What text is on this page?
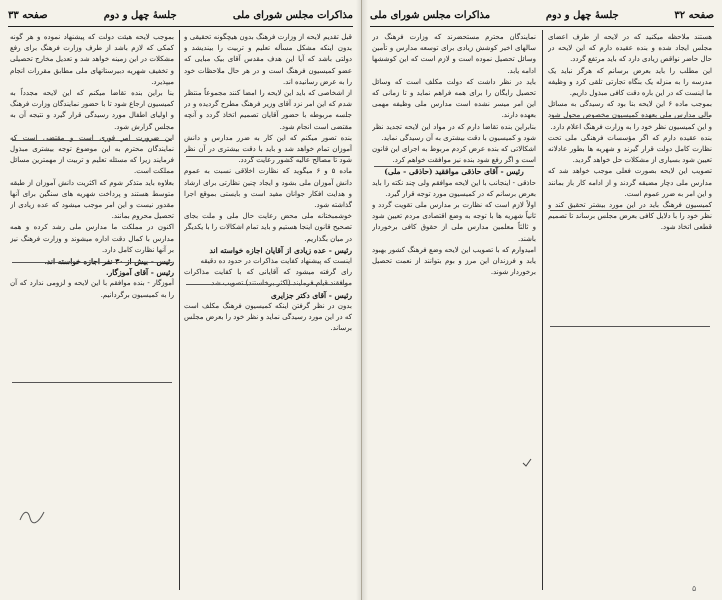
مذاکرات مجلس شورای ملی
جلسهٔ چهل و دوم
صفحه ۳۳

قبل تقدیم لایحه از وزارت فرهنگ بدون هیچگونه تحقیقی و بدون اینکه مشکل مسأله تعلیم و تربیت را بیندیشد و دولتی باشد که آیا این هدف مقدس آقای بیک مبایی که عضو کمیسیون فرهنگ است و در هر حال ملاحظات خود را به عرض رسانیده اند.

از اشخاصی که باید این لایحه را امضا کنند مجموعاً منتظر شدم که این امر نزد آقای وزیر فرهنگ مطرح گردیده و در جلسه مربوطه با حضور آقایان تصمیم اتخاذ گردد و آنچه مقتضی است انجام شود.

بنده تصور میکنم که این کار به ضرر مدارس و دانش آموزان تمام خواهد شد و باید با دقت بیشتری در آن نظر شود تا مصالح عالیه کشور رعایت گردد.

ماده ۵ و ۶ میگوید که نظارت اخلاقی نسبت به عموم دانش آموزان ملی بشود و ایجاد چنین نظارتی برای ارشاد و هدایت افکار جوانان مفید است و بایستی بموقع اجرا گذاشته شود.

خوشمبختانه ملی محض رعایت حال ملی و ملت بجای تصحیح قانون اینجا هستیم و باید تمام اشکالات را با یکدیگر در میان بگذاریم.

رئیس - عده زیادی از آقایان اجازه خواسته اند

اینست که پیشنهاد کفایت مذاکرات در حدود ده دقیقه

رای گرفته میشود که آقایانی که با کفایت مذاکرات موافقند قیام فرمایند (اکثر برخاستند) تصویب شد.

رئیس - آقای دکتر جزایری

بدون در نظر گرفتن اینکه کمیسیون فرهنگ مکلف است که در این مورد رسیدگی نماید و نظر خود را بعرض مجلس برساند.

بموجب لایحه هیئت دولت که پیشنهاد نموده و هر گونه کمکی که لازم باشد از طرف وزارت فرهنگ برای رفع مشکلات در این زمینه خواهد شد و تعدیل مخارج تحصیلی و تخفیف شهریه دبیرستانهای ملی مطابق مقررات انجام میپذیرد.

بنا براین بنده تقاضا میکنم که این لایحه مجدداً به کمیسیون ارجاع شود تا با حضور نمایندگان وزارت فرهنگ و اولیای اطفال مورد رسیدگی قرار گیرد و نتیجه آن به مجلس گزارش شود.

این ضرورت امر فوری است و مقتضی است که نمایندگان محترم به این موضوع توجه بیشتری مبذول فرمایند زیرا که مسئله تعلیم و تربیت از مهمترین مسائل مملکت است.

بعلاوه باید متذکر شوم که اکثریت دانش آموزان از طبقه متوسط هستند و پرداخت شهریه های سنگین برای آنها مقدور نیست و این امر موجب میشود که عده زیادی از تحصیل محروم بمانند.

اکنون در مملکت ما مدارس ملی رشد کرده و همه مدارس با کمال دقت اداره میشوند و وزارت فرهنگ نیز بر آنها نظارت کامل دارد.

رئیس - بیش از ۳۰ نفر اجازه خواسته اند.

رئیس - آقای آموزگار.

آموزگار - بنده موافقم با این لایحه و لزومی ندارد که آن را به کمیسیون برگردانیم.

صفحه ۳۲
جلسهٔ چهل و دوم
مذاکرات مجلس شورای ملی

هستند ملاحظه میکنید که در لایحه از طرف اعضای مجلس ایجاد شده و بنده عقیده دارم که این لایحه در حال حاضر نواقص زیادی دارد که باید مرتفع گردد.

این مطلب را باید بعرض برسانم که هرگز نباید یک مدرسه را به منزله یک بنگاه تجارتی تلقی کرد و وظیفه ما اینست که در این باره دقت کافی مبذول داریم.

بموجب ماده ۶ این لایحه بنا بود که رسیدگی به مسائل مالی مدارس ملی بعهده کمیسیون مخصوص محول شود و این کمیسیون نظر خود را به وزارت فرهنگ اعلام دارد.

بنده عقیده دارم که اگر مؤسسات فرهنگی ملی تحت نظارت کامل دولت قرار گیرند و شهریه ها بطور عادلانه تعیین شود بسیاری از مشکلات حل خواهد گردید.

تصویب این لایحه بصورت فعلی موجب خواهد شد که مدارس ملی دچار مضیقه گردند و از ادامه کار باز بمانند و این امر به ضرر عموم است.

کمیسیون فرهنگ باید در این مورد بیشتر تحقیق کند و نظر خود را با دلایل کافی بعرض مجلس برساند تا تصمیم قطعی اتخاذ شود.

نمایندگان محترم مستحضرند که وزارت فرهنگ در سالهای اخیر کوشش زیادی برای توسعه مدارس و تأمین وسائل تحصیل نموده است و لازم است که این کوششها ادامه یابد.

باید در نظر داشت که دولت مکلف است که وسائل تحصیل رایگان را برای همه فراهم نماید و تا زمانی که این امر میسر نشده است مدارس ملی وظیفه مهمی بعهده دارند.

بنابراین بنده تقاضا دارم که در مواد این لایحه تجدید نظر شود و کمیسیون با دقت بیشتری به آن رسیدگی نماید.

اشکالاتی که بنده عرض کردم مربوط به اجرای این قانون است و اگر رفع شود بنده نیز موافقت خواهم کرد.

رئیس - آقای حاذقی موافقید (حاذقی - ملی)

حاذقی - اینجانب با این لایحه موافقم ولی چند نکته را باید بعرض برسانم که در کمیسیون مورد توجه قرار گیرد.

اولاً لازم است که نظارت بر مدارس ملی تقویت گردد و ثانیاً شهریه ها با توجه به وضع اقتصادی مردم تعیین شود و ثالثاً معلمین مدارس ملی از حقوق کافی برخوردار باشند.

امیدوارم که با تصویب این لایحه وضع فرهنگ کشور بهبود یابد و فرزندان این مرز و بوم بتوانند از نعمت تحصیل برخوردار شوند.

۵
